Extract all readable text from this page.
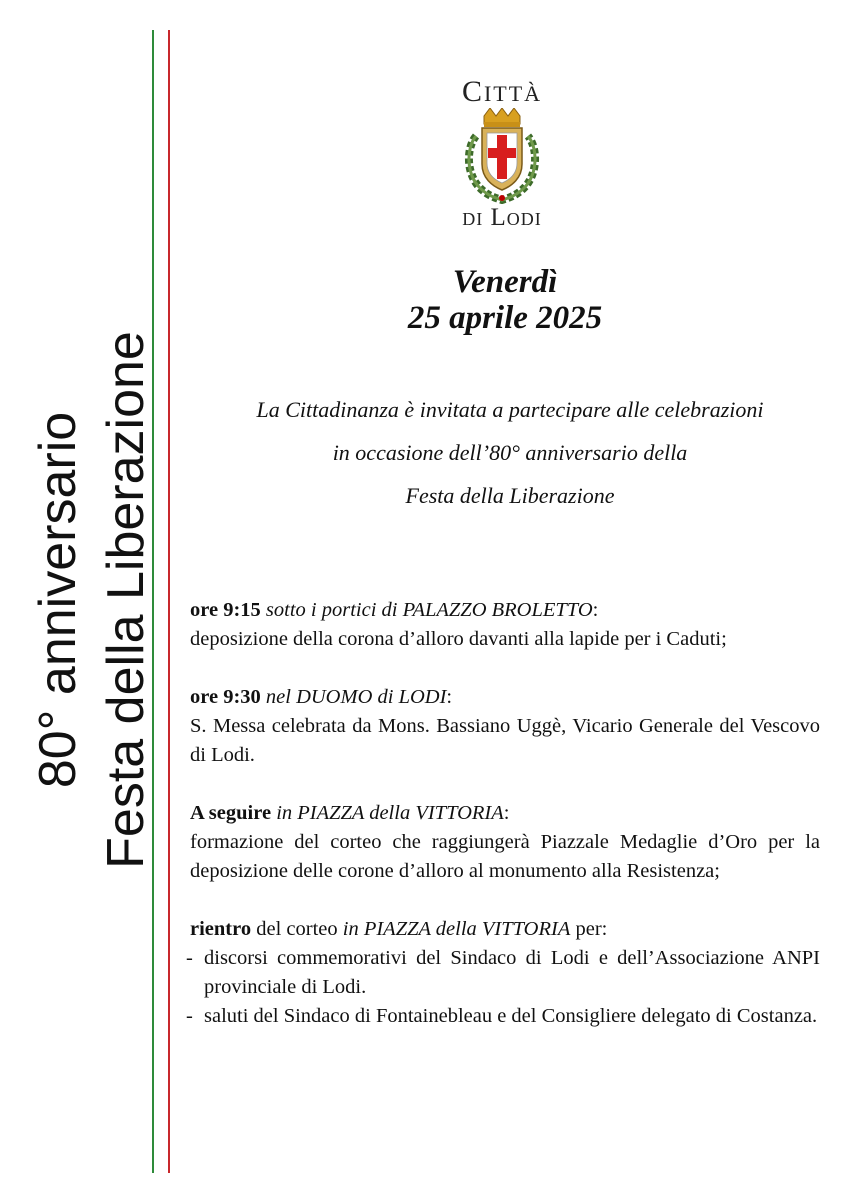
80° anniversario Festa della Liberazione
CITTÀ
DI LODI
Venerdì
25 aprile 2025
La Cittadinanza è invitata a partecipare alle celebrazioni
in occasione dell’80° anniversario della
Festa della Liberazione

ore 9:15 sotto i portici di PALAZZO BROLETTO:
deposizione della corona d’alloro davanti alla lapide per i Caduti;

ore 9:30 nel DUOMO di LODI:

S. Messa celebrata da Mons. Bassiano Uggè, Vicario Generale del Vescovo di Lodi.

A seguire in PIAZZA della VITTORIA:

formazione del corteo che raggiungerà Piazzale Medaglie d’Oro per la deposizione delle corone d’alloro al monumento alla Resistenza;

rientro del corteo in PIAZZA della VITTORIA per:
- discorsi commemorativi del Sindaco di Lodi e dell’Associazione ANPI provinciale di Lodi.
- saluti del Sindaco di Fontainebleau e del Consigliere delegato di Costanza.
